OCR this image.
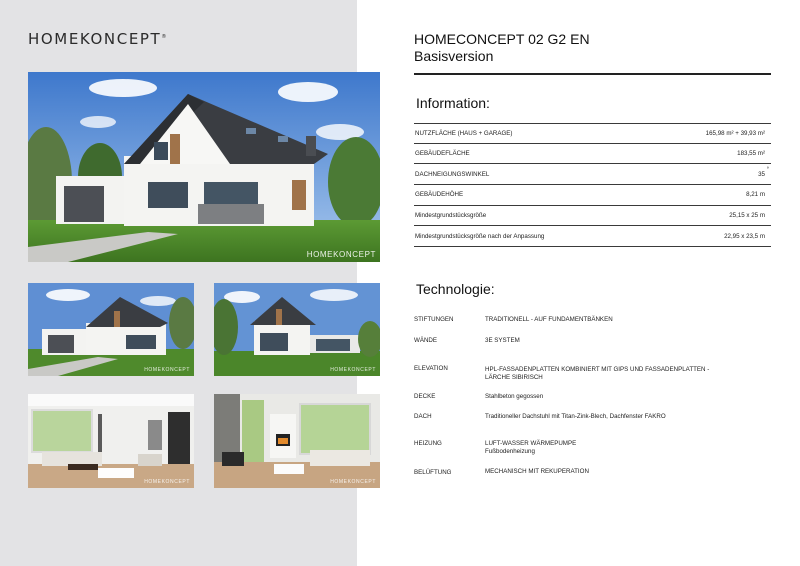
HOMEKONCEPT®
HOMEKONCEPT
HOMEKONCEPT	HOMEKONCEPT
HOMEKONCEPT	HOMEKONCEPT
HOMECONCEPT 02 G2 EN
Basisversion
Information:
NUTZFLÄCHE (HAUS + GARAGE)	165,98 m² + 39,93 m²
GEBÄUDEFLÄCHE	183,55 m²
DACHNEIGUNGSWINKEL	35
°
GEBÄUDEHÖHE	8,21 m
Mindestgrundstücksgröße	25,15 x 25 m
Mindestgrundstücksgröße nach der Anpassung	22,95 x 23,5 m
Technologie:
STIFTUNGEN	TRADITIONELL - AUF FUNDAMENTBÄNKEN
WÄNDE	3E SYSTEM
ELEVATION	HPL-FASSADENPLATTEN KOMBINIERT MIT GIPS UND FASSADENPLATTEN - LÄRCHE SIBIRISCH
DECKE	Stahlbeton gegossen
DACH	Traditioneller Dachstuhl mit Titan-Zink-Blech, Dachfenster FAKRO
HEIZUNG	LUFT-WASSER WÄRMEPUMPE
Fußbodenheizung
BELÜFTUNG	MECHANISCH MIT REKUPERATION
